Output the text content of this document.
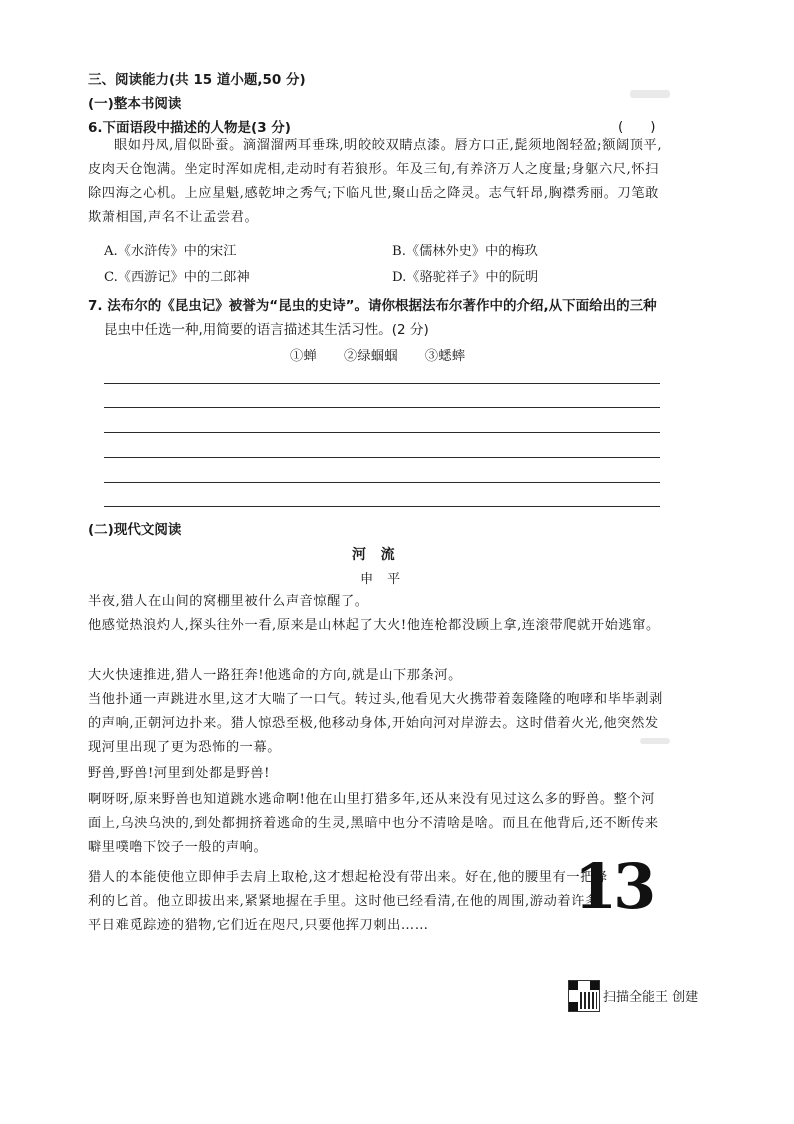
三、阅读能力(共 15 道小题,50 分)
(一)整本书阅读
6.下面语段中描述的人物是(3 分)	(　　)
眼如丹凤,眉似卧蚕。滴溜溜两耳垂珠,明皎皎双睛点漆。唇方口正,髭须地阁轻盈;额阔顶平,皮肉天仓饱满。坐定时浑如虎相,走动时有若狼形。年及三旬,有养济万人之度量;身躯六尺,怀扫除四海之心机。上应星魁,感乾坤之秀气;下临凡世,聚山岳之降灵。志气轩昂,胸襟秀丽。刀笔敢欺萧相国,声名不让孟尝君。
A.《水浒传》中的宋江	B.《儒林外史》中的梅玖
C.《西游记》中的二郎神	D.《骆驼祥子》中的阮明
7. 法布尔的《昆虫记》被誉为“昆虫的史诗”。请你根据法布尔著作中的介绍,从下面给出的三种
昆虫中任选一种,用简要的语言描述其生活习性。(2 分)
①蝉　　②绿蝈蝈　　③蟋蟀
(二)现代文阅读
河　流
申　平
半夜,猎人在山间的窝棚里被什么声音惊醒了。
他感觉热浪灼人,探头往外一看,原来是山林起了大火!他连枪都没顾上拿,连滚带爬就开始逃窜。
大火快速推进,猎人一路狂奔!他逃命的方向,就是山下那条河。
当他扑通一声跳进水里,这才大喘了一口气。转过头,他看见大火携带着轰隆隆的咆哮和毕毕剥剥的声响,正朝河边扑来。猎人惊恐至极,他移动身体,开始向河对岸游去。这时借着火光,他突然发现河里出现了更为恐怖的一幕。
野兽,野兽!河里到处都是野兽!
啊呀呀,原来野兽也知道跳水逃命啊!他在山里打猎多年,还从来没有见过这么多的野兽。整个河面上,乌泱乌泱的,到处都拥挤着逃命的生灵,黑暗中也分不清啥是啥。而且在他背后,还不断传来噼里噗噜下饺子一般的声响。
猎人的本能使他立即伸手去肩上取枪,这才想起枪没有带出来。好在,他的腰里有一把锋利的匕首。他立即拔出来,紧紧地握在手里。这时他已经看清,在他的周围,游动着许多平日难觅踪迹的猎物,它们近在咫尺,只要他挥刀刺出……
13
扫描全能王 创建
